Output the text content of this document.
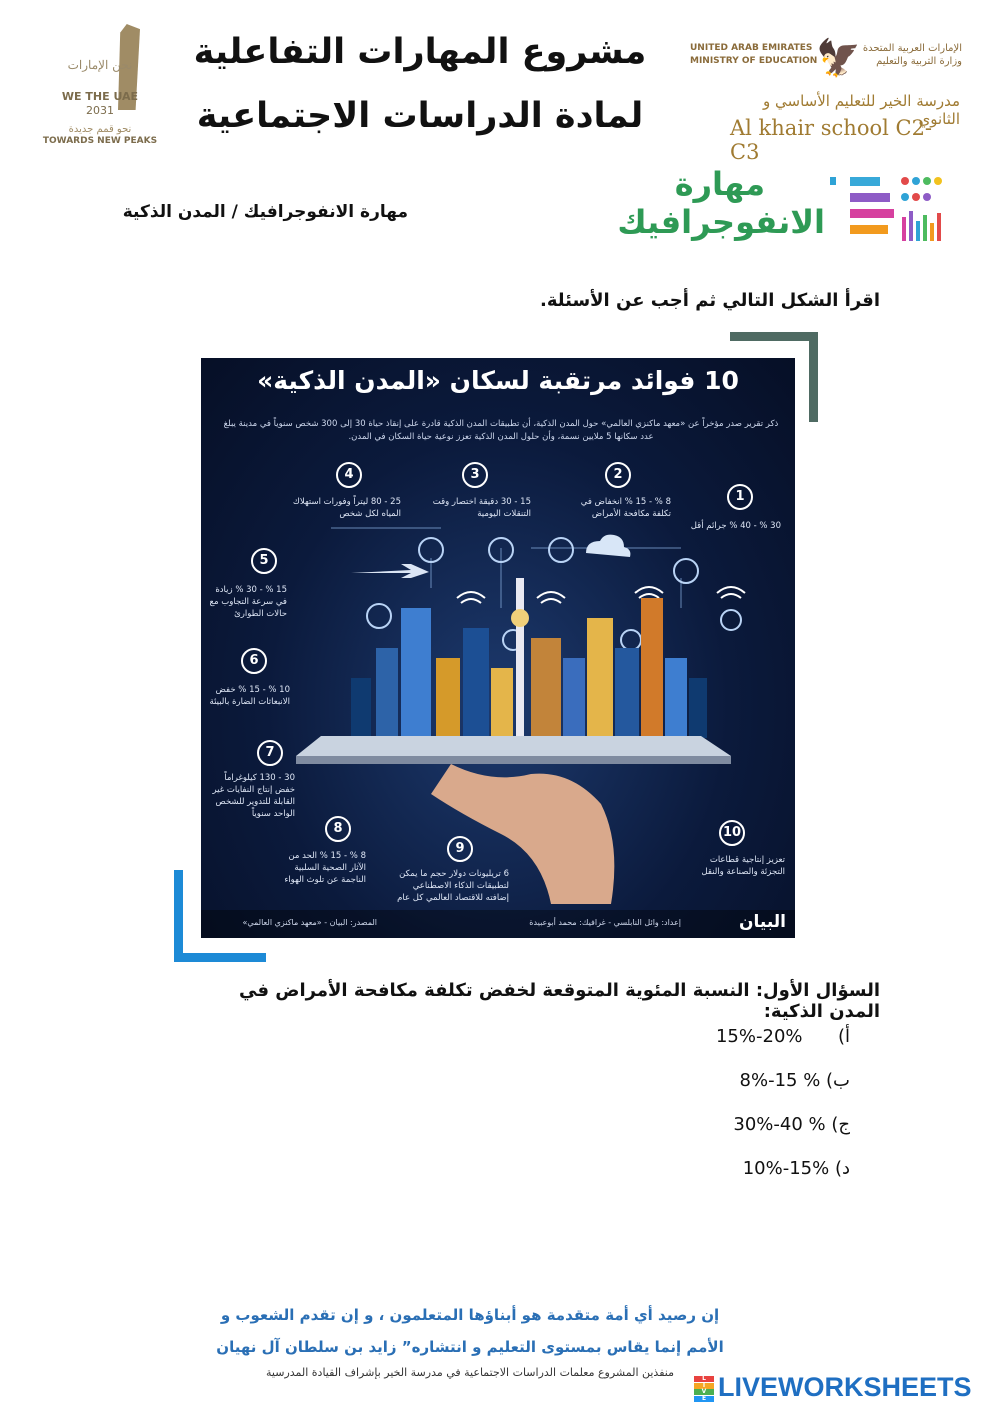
نحن الإمارات
WE THE UAE
2031
نحو قمم جديدة
TOWARDS NEW PEAKS
مشروع المهارات التفاعلية
لمادة الدراسات الاجتماعية
UNITED ARAB EMIRATES MINISTRY OF EDUCATION
🦅 الإمارات العربية المتحدة وزارة التربية والتعليم
مدرسة الخير للتعليم الأساسي و الثانوي
Al khair school C2-C3
مهارة
الانفوجرافيك
مهارة الانفوجرافيك / المدن الذكية
اقرأ الشكل التالي ثم أجب عن الأسئلة.
10 فوائد مرتقبة لسكان «المدن الذكية»
ذكر تقرير صدر مؤخراً عن «معهد ماكنزي العالمي» حول المدن الذكية، أن تطبيقات المدن الذكية قادرة على إنقاذ حياة 30 إلى 300 شخص سنوياً في مدينة يبلغ عدد سكانها 5 ملايين نسمة، وأن حلول المدن الذكية تعزز نوعية حياة السكان في المدن.
1
30 % - 40 % جرائم أقل
2
8 % - 15 % انخفاض في تكلفة مكافحة الأمراض
3
15 - 30 دقيقة اختصار وقت التنقلات اليومية
4
25 - 80 ليتراً وفورات استهلاك المياه لكل شخص
5
15 % - 30 % زيادة في سرعة التجاوب مع حالات الطوارئ
6
10 % - 15 % خفض الانبعاثات الضارة بالبيئة
7
30 - 130 كيلوغراماً خفض إنتاج النفايات غير القابلة للتدوير للشخص الواحد سنوياً
8
8 % - 15 % الحد من الآثار الصحية السلبية الناجمة عن تلوث الهواء
9
6 تريليونات دولار حجم ما يمكن لتطبيقات الذكاء الاصطناعي إضافته للاقتصاد العالمي كل عام
10
تعزيز إنتاجية قطاعات التجزئة والصناعة والنقل
المصدر: البيان - «معهد ماكنزي العالمي»	إعداد: وائل النابلسي - غرافيك: محمد أبوعبيدة	البيان
السؤال الأول: النسبة المئوية المتوقعة لخفض تكلفة مكافحة الأمراض في المدن الذكية:
أ)  15%-20%
ب) 8%-15 %
ج) 30%-40 %
د) 10%-15%
إن رصيد أي أمة متقدمة هو أبناؤها المتعلمون ، و إن تقدم الشعوب و
الأمم إنما يقاس بمستوى التعليم و انتشاره” زايد بن سلطان آل نهيان
منفذين المشروع معلمات الدراسات الاجتماعية في مدرسة الخير بإشراف القيادة المدرسية	L
I
V
E LIVEWORKSHEETS
